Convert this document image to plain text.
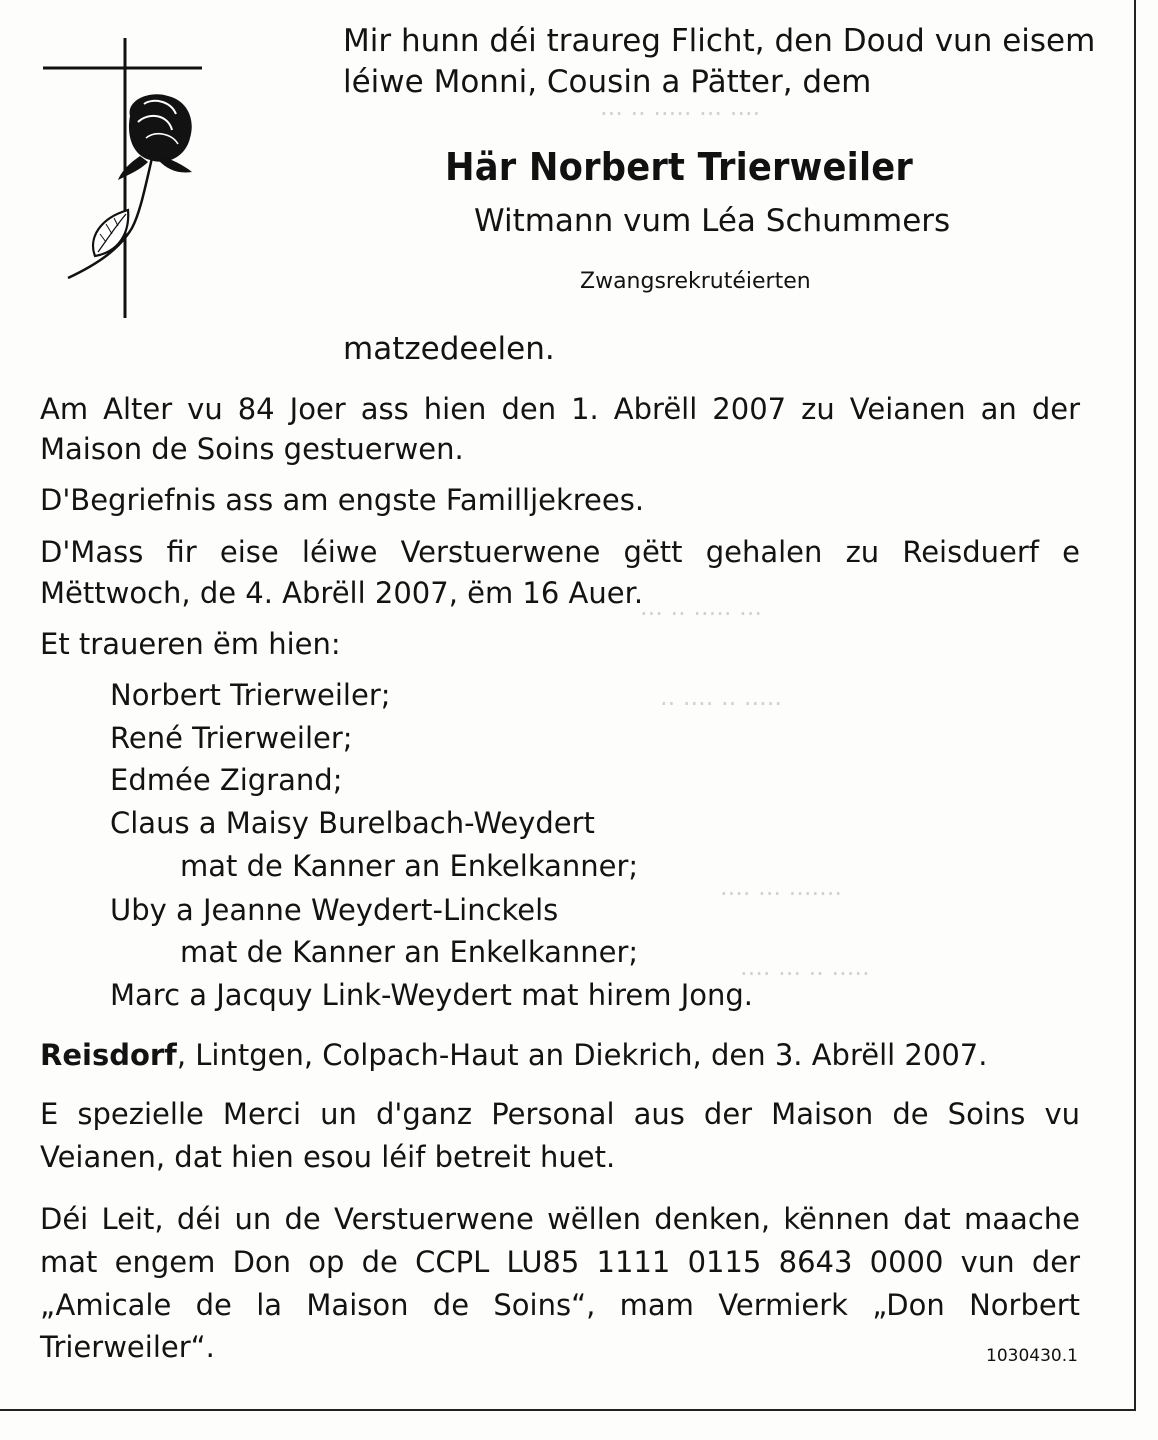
··· ·· ····· ··· ····
··· ·· ····· ···
·· ···· ·· ·····
···· ··· ·······
···· ··· ·· ·····
Mir hunn déi traureg Flicht, den Doud vun eisem
léiwe Monni, Cousin a Pätter, dem
Här Norbert Trierweiler
Witmann vum Léa Schummers
Zwangsrekrutéierten
matzedeelen.
Am Alter vu 84 Joer ass hien den 1. Abrëll 2007 zu Veianen an der
Maison de Soins gestuerwen.
D'Begriefnis ass am engste Familljekrees.
D'Mass fir eise léiwe Verstuerwene gëtt gehalen zu Reisduerf e
Mëttwoch, de 4. Abrëll 2007, ëm 16 Auer.
Et traueren ëm hien:
Norbert Trierweiler;
René Trierweiler;
Edmée Zigrand;
Claus a Maisy Burelbach-Weydert
mat de Kanner an Enkelkanner;
Uby a Jeanne Weydert-Linckels
mat de Kanner an Enkelkanner;
Marc a Jacquy Link-Weydert mat hirem Jong.
Reisdorf, Lintgen, Colpach-Haut an Diekrich, den 3. Abrëll 2007.
E spezielle Merci un d'ganz Personal aus der Maison de Soins vu
Veianen, dat hien esou léif betreit huet.
Déi Leit, déi un de Verstuerwene wëllen denken, kënnen dat maache
mat engem Don op de CCPL LU85 1111 0115 8643 0000 vun der
„Amicale de la Maison de Soins“, mam Vermierk „Don Norbert
Trierweiler“.	1030430.1
